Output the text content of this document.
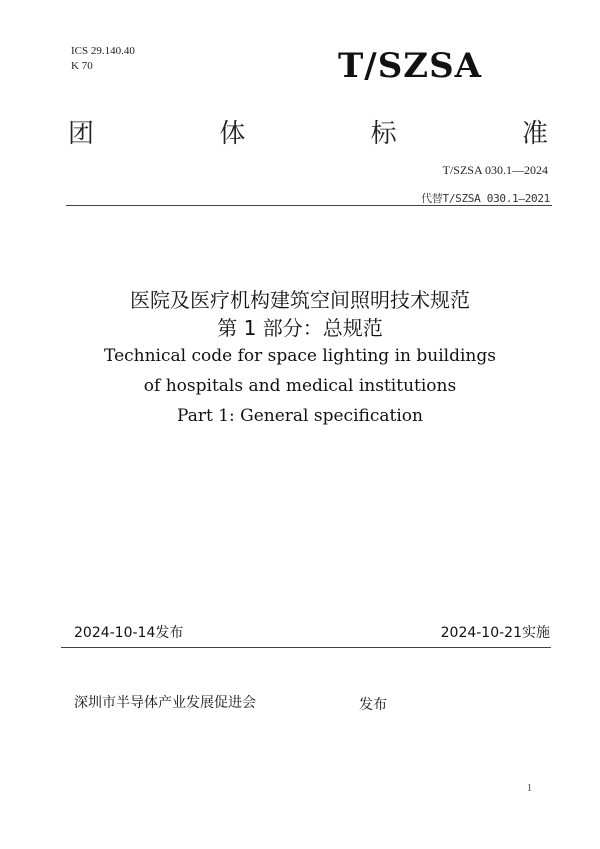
ICS 29.140.40
K 70	T/SZSA
团	体	标	准
T/SZSA 030.1—2024
代替T/SZSA 030.1—2021
医院及医疗机构建筑空间照明技术规范
第 1 部分：总规范
Technical code for space lighting in buildings
of hospitals and medical institutions
Part 1: General specification
2024-10-14发布	2024-10-21实施
深圳市半导体产业发展促进会	发布
1
